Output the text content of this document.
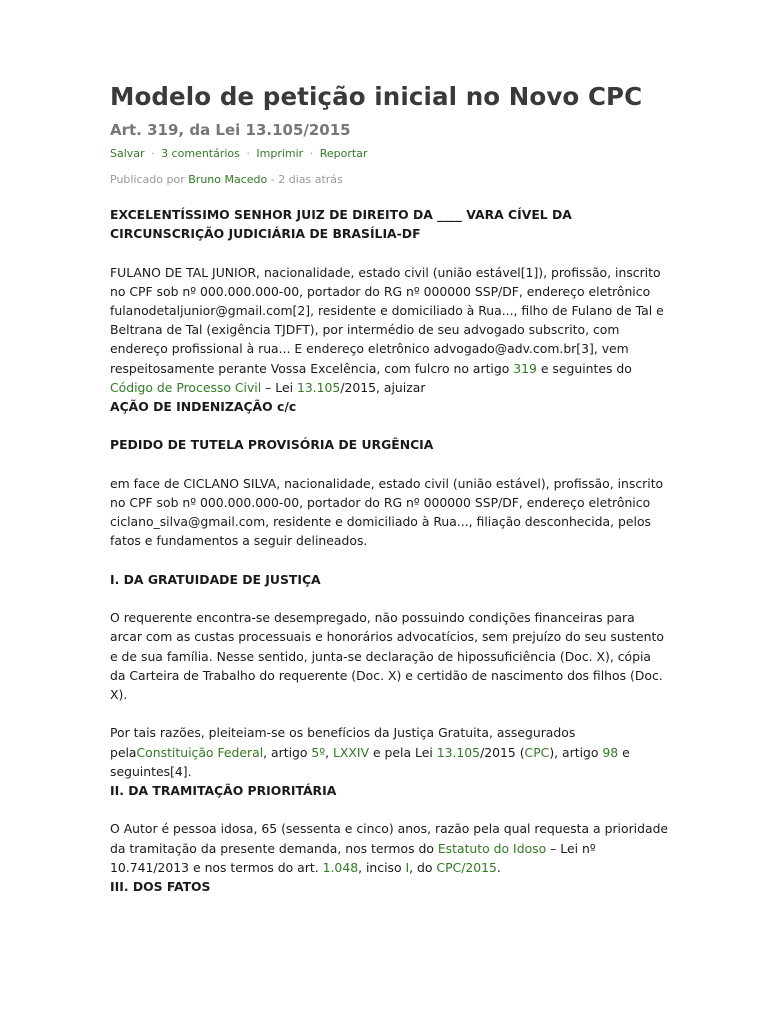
Modelo de petição inicial no Novo CPC
Art. 319, da Lei 13.105/2015
Salvar · 3 comentários · Imprimir · Reportar
Publicado por Bruno Macedo - 2 dias atrás

EXCELENTÍSSIMO SENHOR JUIZ DE DIREITO DA ____ VARA CÍVEL DA CIRCUNSCRIÇÃO JUDICIÁRIA DE BRASÍLIA-DF

FULANO DE TAL JUNIOR, nacionalidade, estado civil (união estável[1]), profissão, inscrito no CPF sob nº 000.000.000-00, portador do RG nº 000000 SSP/DF, endereço eletrônico fulanodetaljunior@gmail.com[2], residente e domiciliado à Rua..., filho de Fulano de Tal e Beltrana de Tal (exigência TJDFT), por intermédio de seu advogado subscrito, com endereço profissional à rua... E endereço eletrônico advogado@adv.com.br[3], vem respeitosamente perante Vossa Excelência, com fulcro no artigo 319 e seguintes do Código de Processo Civil – Lei 13.105/2015, ajuizar

AÇÃO DE INDENIZAÇÃO c/c

PEDIDO DE TUTELA PROVISÓRIA DE URGÊNCIA

em face de CICLANO SILVA, nacionalidade, estado civil (união estável), profissão, inscrito no CPF sob nº 000.000.000-00, portador do RG nº 000000 SSP/DF, endereço eletrônico ciclano_silva@gmail.com, residente e domiciliado à Rua..., filiação desconhecida, pelos fatos e fundamentos a seguir delineados.

I. DA GRATUIDADE DE JUSTIÇA

O requerente encontra-se desempregado, não possuindo condições financeiras para arcar com as custas processuais e honorários advocatícios, sem prejuízo do seu sustento e de sua família. Nesse sentido, junta-se declaração de hipossuficiência (Doc. X), cópia da Carteira de Trabalho do requerente (Doc. X) e certidão de nascimento dos filhos (Doc. X).

Por tais razões, pleiteiam-se os benefícios da Justiça Gratuita, assegurados pelaConstituição Federal, artigo 5º, LXXIV e pela Lei 13.105/2015 (CPC), artigo 98 e seguintes[4].

II. DA TRAMITAÇÃO PRIORITÁRIA

O Autor é pessoa idosa, 65 (sessenta e cinco) anos, razão pela qual requesta a prioridade da tramitação da presente demanda, nos termos do Estatuto do Idoso – Lei nº 10.741/2013 e nos termos do art. 1.048, inciso I, do CPC/2015.

III. DOS FATOS
